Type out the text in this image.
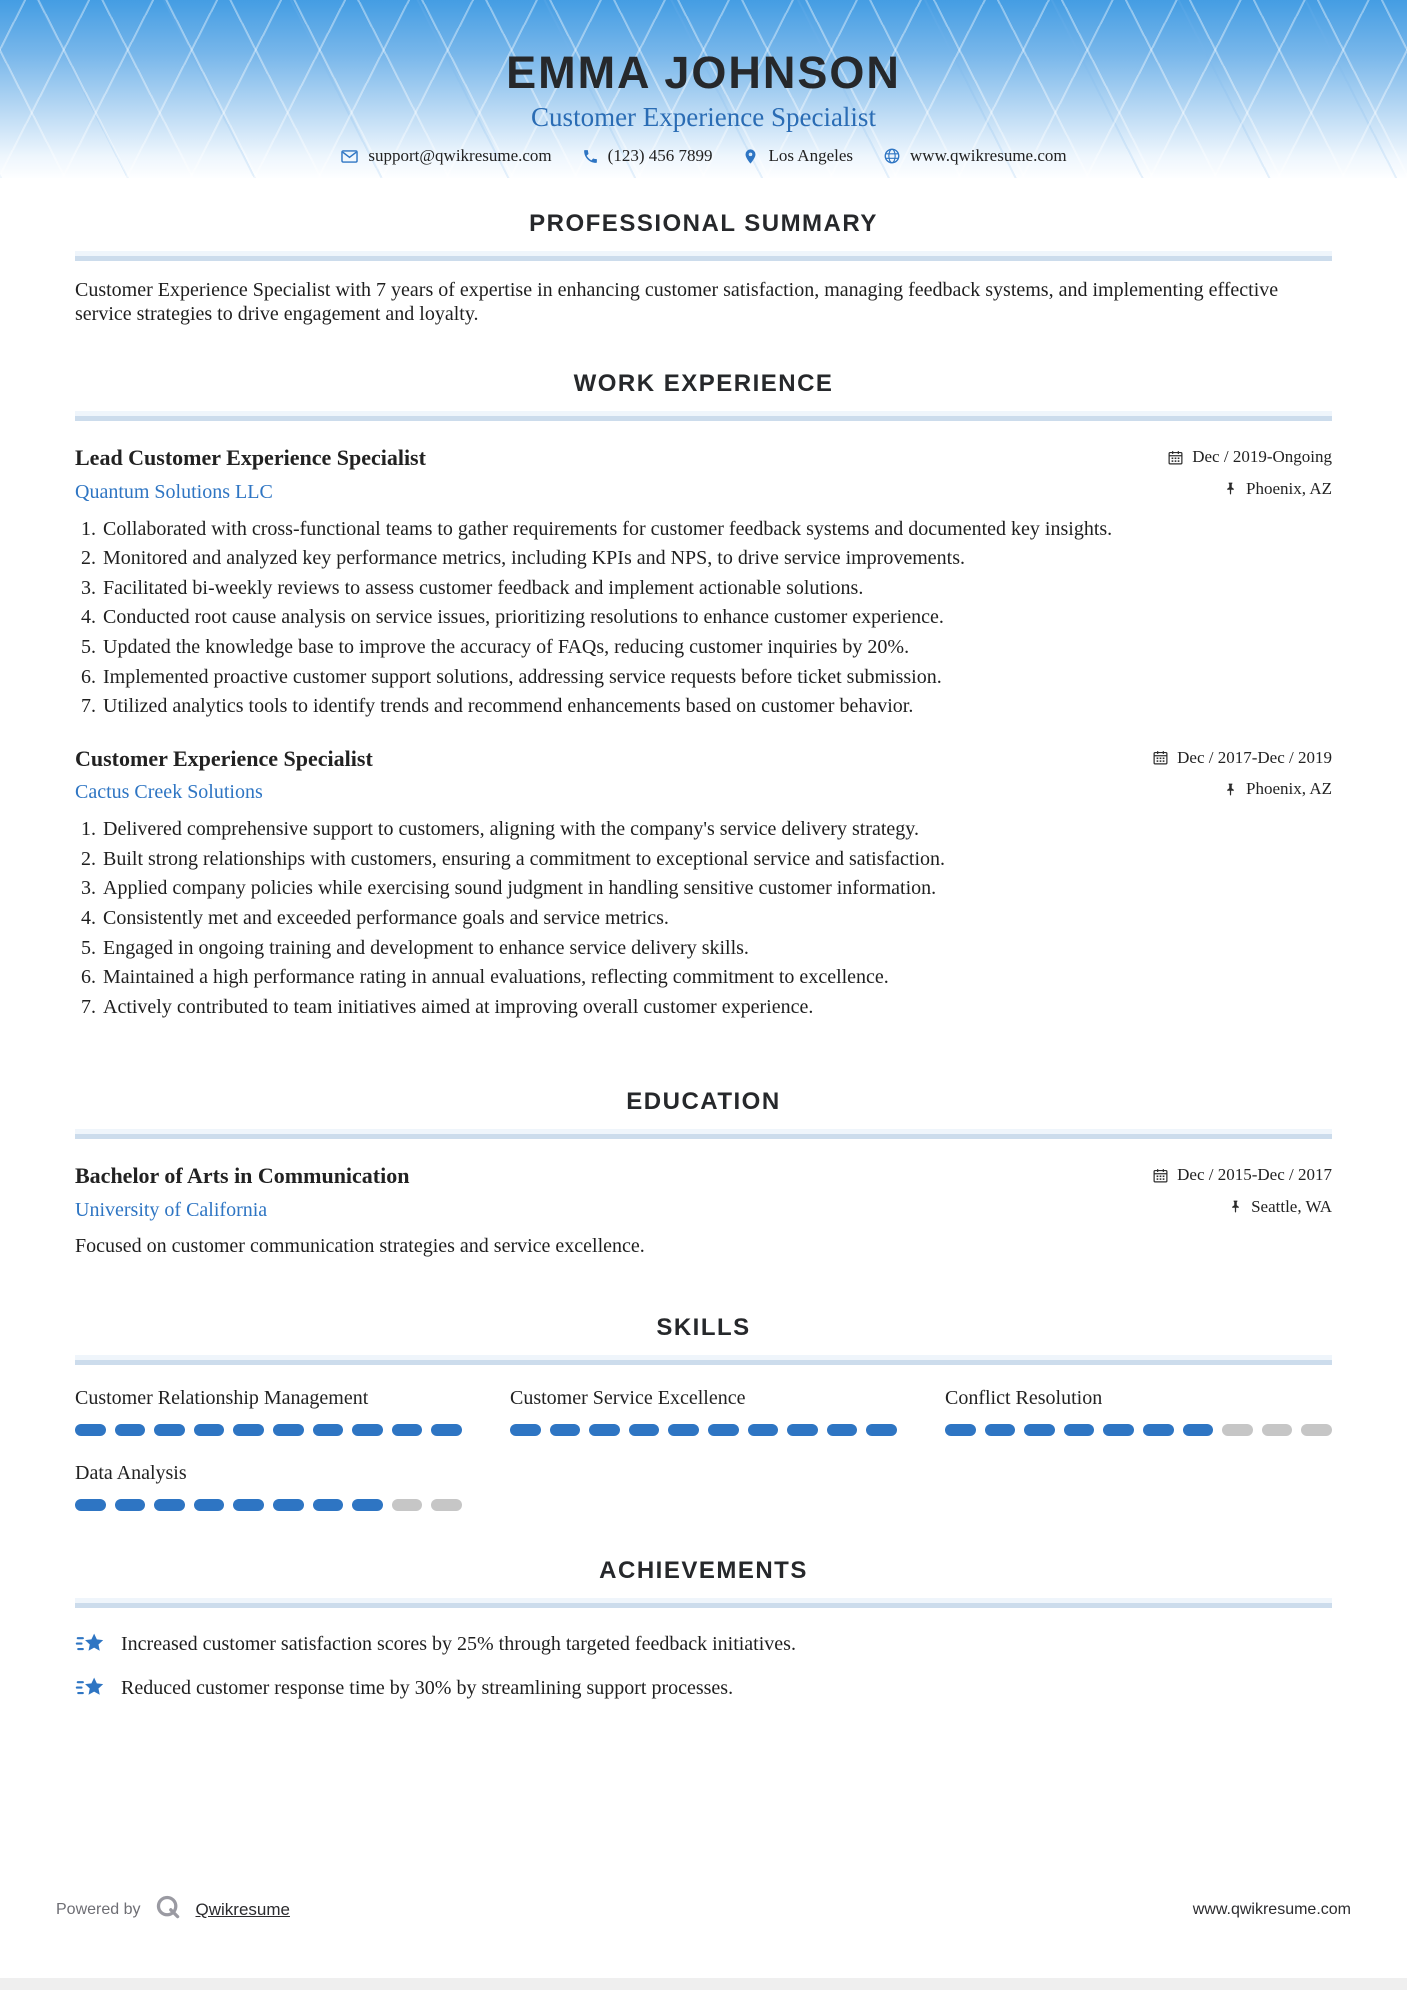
EMMA JOHNSON
Customer Experience Specialist
support@qwikresume.com	(123) 456 7899	Los Angeles	www.qwikresume.com
PROFESSIONAL SUMMARY

Customer Experience Specialist with 7 years of expertise in enhancing customer satisfaction, managing feedback systems, and implementing effective service strategies to drive engagement and loyalty.

WORK EXPERIENCE
Lead Customer Experience Specialist
Quantum Solutions LLC
Dec / 2019-Ongoing
Phoenix, AZ
1. Collaborated with cross-functional teams to gather requirements for customer feedback systems and documented key insights.
2. Monitored and analyzed key performance metrics, including KPIs and NPS, to drive service improvements.
3. Facilitated bi-weekly reviews to assess customer feedback and implement actionable solutions.
4. Conducted root cause analysis on service issues, prioritizing resolutions to enhance customer experience.
5. Updated the knowledge base to improve the accuracy of FAQs, reducing customer inquiries by 20%.
6. Implemented proactive customer support solutions, addressing service requests before ticket submission.
7. Utilized analytics tools to identify trends and recommend enhancements based on customer behavior.
Customer Experience Specialist
Cactus Creek Solutions
Dec / 2017-Dec / 2019
Phoenix, AZ
1. Delivered comprehensive support to customers, aligning with the company's service delivery strategy.
2. Built strong relationships with customers, ensuring a commitment to exceptional service and satisfaction.
3. Applied company policies while exercising sound judgment in handling sensitive customer information.
4. Consistently met and exceeded performance goals and service metrics.
5. Engaged in ongoing training and development to enhance service delivery skills.
6. Maintained a high performance rating in annual evaluations, reflecting commitment to excellence.
7. Actively contributed to team initiatives aimed at improving overall customer experience.
EDUCATION
Bachelor of Arts in Communication
University of California
Dec / 2015-Dec / 2017
Seattle, WA

Focused on customer communication strategies and service excellence.

SKILLS
Customer Relationship Management	Customer Service Excellence	Conflict Resolution
Data Analysis
ACHIEVEMENTS
Increased customer satisfaction scores by 25% through targeted feedback initiatives.
Reduced customer response time by 30% by streamlining support processes.
Powered by	Qwikresume	www.qwikresume.com
